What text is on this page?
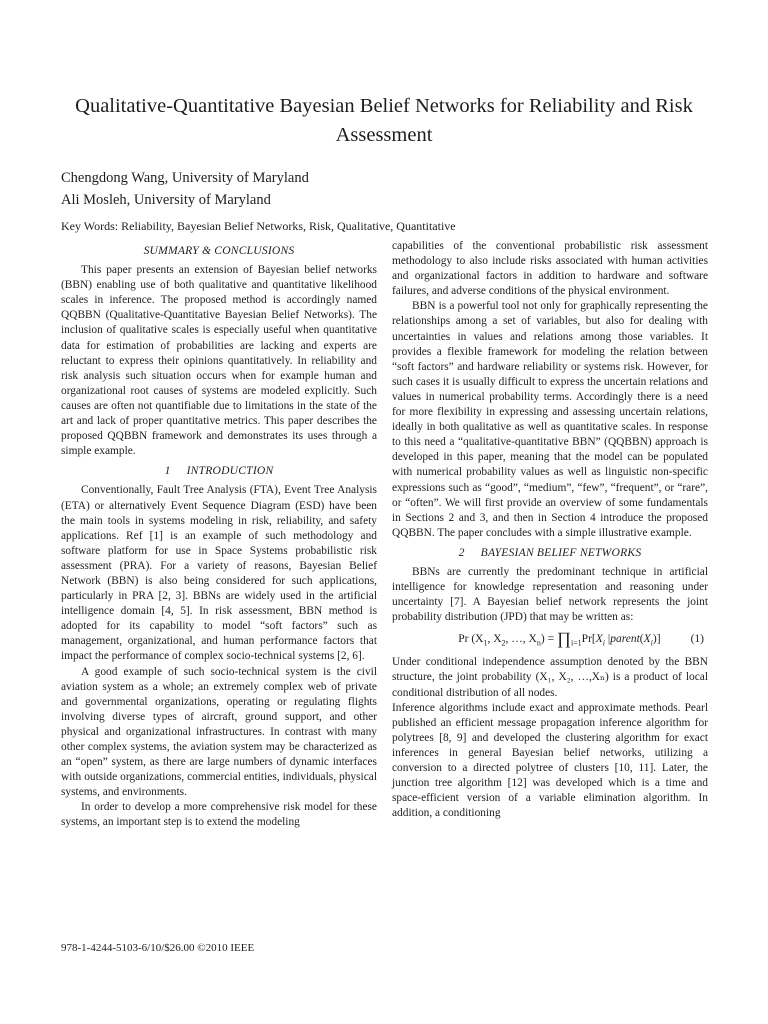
Qualitative-Quantitative Bayesian Belief Networks for Reliability and Risk Assessment

Chengdong Wang, University of Maryland

Ali Mosleh, University of Maryland

Key Words: Reliability, Bayesian Belief Networks, Risk, Qualitative, Quantitative

SUMMARY & CONCLUSIONS

This paper presents an extension of Bayesian belief networks (BBN) enabling use of both qualitative and quantitative likelihood scales in inference. The proposed method is accordingly named QQBBN (Qualitative-Quantitative Bayesian Belief Networks). The inclusion of qualitative scales is especially useful when quantitative data for estimation of probabilities are lacking and experts are reluctant to express their opinions quantitatively. In reliability and risk analysis such situation occurs when for example human and organizational root causes of systems are modeled explicitly. Such causes are often not quantifiable due to limitations in the state of the art and lack of proper quantitative metrics. This paper describes the proposed QQBBN framework and demonstrates its uses through a simple example.

1 INTRODUCTION

Conventionally, Fault Tree Analysis (FTA), Event Tree Analysis (ETA) or alternatively Event Sequence Diagram (ESD) have been the main tools in systems modeling in risk, reliability, and safety applications. Ref [1] is an example of such methodology and software platform for use in Space Systems probabilistic risk assessment (PRA). For a variety of reasons, Bayesian Belief Network (BBN) is also being considered for such applications, particularly in PRA [2, 3]. BBNs are widely used in the artificial intelligence domain [4, 5]. In risk assessment, BBN method is adopted for its capability to model “soft factors” such as management, organizational, and human performance factors that impact the performance of complex socio-technical systems [2, 6].

A good example of such socio-technical system is the civil aviation system as a whole; an extremely complex web of private and governmental organizations, operating or regulating flights involving diverse types of aircraft, ground support, and other physical and organizational infrastructures. In contrast with many other complex systems, the aviation system may be characterized as an “open” system, as there are large numbers of dynamic interfaces with outside organizations, commercial entities, individuals, physical systems, and environments.

In order to develop a more comprehensive risk model for these systems, an important step is to extend the modeling

capabilities of the conventional probabilistic risk assessment methodology to also include risks associated with human activities and organizational factors in addition to hardware and software failures, and adverse conditions of the physical environment.

BBN is a powerful tool not only for graphically representing the relationships among a set of variables, but also for dealing with uncertainties in values and relations among those variables. It provides a flexible framework for modeling the relation between “soft factors” and hardware reliability or systems risk. However, for such cases it is usually difficult to express the uncertain relations and values in numerical probability terms. Accordingly there is a need for more flexibility in expressing and assessing uncertain relations, ideally in both qualitative as well as quantitative scales. In response to this need a “qualitative-quantitative BBN” (QQBBN) approach is developed in this paper, meaning that the model can be populated with numerical probability values as well as linguistic non-specific expressions such as “good”, “medium”, “few”, “frequent”, or “rare”, or “often”. We will first provide an overview of some fundamentals in Sections 2 and 3, and then in Section 4 introduce the proposed QQBBN. The paper concludes with a simple illustrative example.

2 BAYESIAN BELIEF NETWORKS

BBNs are currently the predominant technique in artificial intelligence for knowledge representation and reasoning under uncertainty [7]. A Bayesian belief network represents the joint probability distribution (JPD) that may be written as:

Pr ($X_1$, $X_2$, …, $X_n$) = $\prod_{i=1}Pr[X_i$ $|parent(X_i)$]	(1)

Under conditional independence assumption denoted by the BBN structure, the joint probability (X₁, X₂, …,Xₙ) is a product of local conditional distribution of all nodes.

Inference algorithms include exact and approximate methods. Pearl published an efficient message propagation inference algorithm for polytrees [8, 9] and developed the clustering algorithm for exact inferences in general Bayesian belief networks, utilizing a conversion to a directed polytree of clusters [10, 11]. Later, the junction tree algorithm [12] was developed which is a time and space-efficient version of a variable elimination algorithm. In addition, a conditioning

978-1-4244-5103-6/10/$26.00 ©2010 IEEE
